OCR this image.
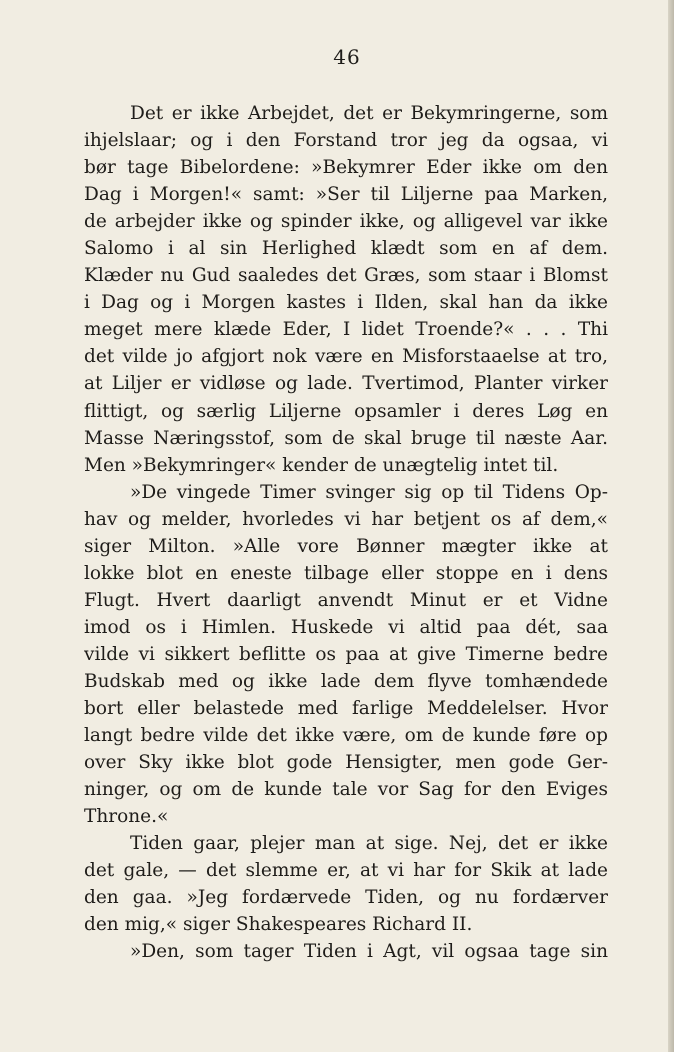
46
Det er ikke Arbejdet, det er Bekymringerne, som
ihjelslaar; og i den Forstand tror jeg da ogsaa, vi
bør tage Bibelordene: »Bekymrer Eder ikke om den
Dag i Morgen!« samt: »Ser til Liljerne paa Marken,
de arbejder ikke og spinder ikke, og alligevel var ikke
Salomo i al sin Herlighed klædt som en af dem.
Klæder nu Gud saaledes det Græs, som staar i Blomst
i Dag og i Morgen kastes i Ilden, skal han da ikke
meget mere klæde Eder, I lidet Troende?« . . . Thi
det vilde jo afgjort nok være en Misforstaaelse at tro,
at Liljer er vidløse og lade. Tvertimod, Planter virker
flittigt, og særlig Liljerne opsamler i deres Løg en
Masse Næringsstof, som de skal bruge til næste Aar.
Men »Bekymringer« kender de unægtelig intet til.
»De vingede Timer svinger sig op til Tidens Op-
hav og melder, hvorledes vi har betjent os af dem,«
siger Milton. »Alle vore Bønner mægter ikke at
lokke blot en eneste tilbage eller stoppe en i dens
Flugt. Hvert daarligt anvendt Minut er et Vidne
imod os i Himlen. Huskede vi altid paa dét, saa
vilde vi sikkert beflitte os paa at give Timerne bedre
Budskab med og ikke lade dem flyve tomhændede
bort eller belastede med farlige Meddelelser. Hvor
langt bedre vilde det ikke være, om de kunde føre op
over Sky ikke blot gode Hensigter, men gode Ger-
ninger, og om de kunde tale vor Sag for den Eviges
Throne.«
Tiden gaar, plejer man at sige. Nej, det er ikke
det gale, — det slemme er, at vi har for Skik at lade
den gaa. »Jeg fordærvede Tiden, og nu fordærver
den mig,« siger Shakespeares Richard II.
»Den, som tager Tiden i Agt, vil ogsaa tage sin
